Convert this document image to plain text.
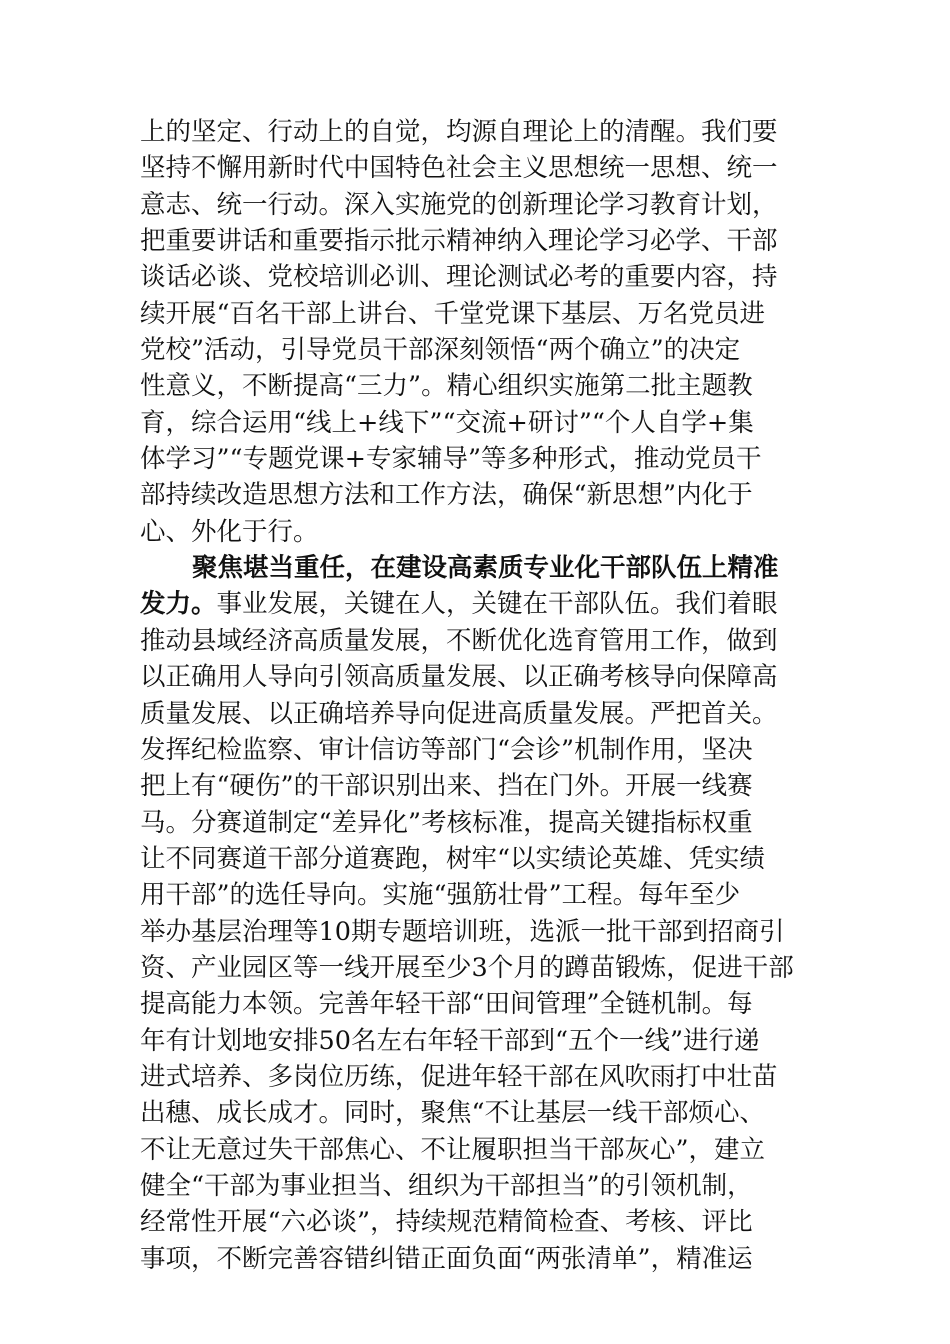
上的坚定、行动上的自觉，均源自理论上的清醒。我们要
坚持不懈用新时代中国特色社会主义思想统一思想、统一
意志、统一行动。深入实施党的创新理论学习教育计划，
把重要讲话和重要指示批示精神纳入理论学习必学、干部
谈话必谈、党校培训必训、理论测试必考的重要内容，持
续开展“百名干部上讲台、千堂党课下基层、万名党员进
党校”活动，引导党员干部深刻领悟“两个确立”的决定
性意义，不断提高“三力”。精心组织实施第二批主题教
育，综合运用“线上+线下”“交流+研讨”“个人自学+集
体学习”“专题党课+专家辅导”等多种形式，推动党员干
部持续改造思想方法和工作方法，确保“新思想”内化于
心、外化于行。
聚焦堪当重任，在建设高素质专业化干部队伍上精准
发力。事业发展，关键在人，关键在干部队伍。我们着眼
推动县域经济高质量发展，不断优化选育管用工作，做到
以正确用人导向引领高质量发展、以正确考核导向保障高
质量发展、以正确培养导向促进高质量发展。严把首关。
发挥纪检监察、审计信访等部门“会诊”机制作用，坚决
把上有“硬伤”的干部识别出来、挡在门外。开展一线赛
马。分赛道制定“差异化”考核标准，提高关键指标权重
让不同赛道干部分道赛跑，树牢“以实绩论英雄、凭实绩
用干部”的选任导向。实施“强筋壮骨”工程。每年至少
举办基层治理等10期专题培训班，选派一批干部到招商引
资、产业园区等一线开展至少3个月的蹲苗锻炼，促进干部
提高能力本领。完善年轻干部“田间管理”全链机制。每
年有计划地安排50名左右年轻干部到“五个一线”进行递
进式培养、多岗位历练，促进年轻干部在风吹雨打中壮苗
出穗、成长成才。同时，聚焦“不让基层一线干部烦心、
不让无意过失干部焦心、不让履职担当干部灰心”，建立
健全“干部为事业担当、组织为干部担当”的引领机制，
经常性开展“六必谈”，持续规范精简检查、考核、评比
事项，不断完善容错纠错正面负面“两张清单”，精准运
